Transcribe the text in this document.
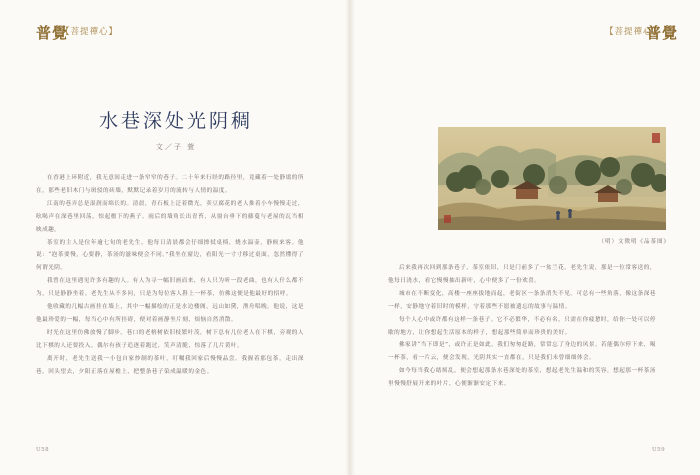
普覺
【菩提禪心】
水巷深处光阴稠
文／子 萱

在香港上环附近，我无意间走进一条窄窄的巷子。二十年来行经的路径里，竟藏着一处静谧的所在，那些老旧木门与斑驳的砖墙，默默记录着岁月的流转与人情的温度。

江南的巷弄总是湿润而绵长的。清晨，青石板上泛着微光，卖豆腐花的老人推着小车慢慢走过，吆喝声在深巷里回荡，惊起檐下的燕子。雨后的墙角长出青苔，从窗台垂下的藤蔓与老屋的瓦当相映成趣。

茶室的主人是位年逾七旬的老先生，他每日清晨都会仔细擦拭桌椅，烧水温壶，静候来客。他说：“泡茶要慢，心要静，茶汤的滋味便会不同。”我坐在窗边，看阳光一寸寸移过桌面，忽然懂得了何谓光阴。

我曾在这里遇见许多有趣的人。有人为寻一幅旧画而来，有人只为听一段老曲，也有人什么都不为，只是静静坐着。老先生从不多问，只是为每位客人斟上一杯茶，仿佛这便是他最好的招呼。

他收藏的几幅古画挂在墙上，其中一幅描绘的正是水边楼阁，远山如黛，渔舟唱晚。他说，这是他最珍爱的一幅，每当心中有所挂碍，便对着画静坐片刻，烦恼自然消散。

时光在这里仿佛放慢了脚步。巷口的老榕树依旧枝繁叶茂，树下总有几位老人在下棋，旁观的人比下棋的人还要投入。偶尔有孩子追逐着跑过，笑声清脆，惊落了几片黄叶。

离开时，老先生送我一小包自家炒制的茶叶，叮嘱我回家后慢慢品尝。我握着那包茶，走出深巷，回头望去，夕阳正落在屋檐上，把整条巷子染成温暖的金色。

U58
【菩提禪心】
普覺
（明）文徵明《品茶图》

后来我再次回到那条巷子，茶室依旧，只是门前多了一盆兰花。老先生说，那是一位常客送的，他每日浇水，看它慢慢抽出新叶，心中便多了一份欢喜。

城市在不断变化，高楼一座座拔地而起，老街区一条条消失不见。可总有一些角落，像这条深巷一样，安静地守着旧时的模样，守着那些不愿被遗忘的故事与温情。

每个人心中或许都有这样一条巷子。它不必繁华，不必有名，只需在你疲惫时，给你一处可以停歇的地方，让你想起生活原本的样子，想起那些简单而珍贵的美好。

佛家讲“当下即是”，或许正是如此。我们匆匆赶路，常常忘了身边的风景。若能偶尔停下来，喝一杯茶，看一片云，便会发现，光阴其实一直都在，只是我们未曾细细体会。

如今每当我心绪烦乱，便会想起那条水巷深处的茶室，想起老先生温和的笑容，想起那一杯茶汤里慢慢舒展开来的叶片，心便渐渐安定下来。

U59
